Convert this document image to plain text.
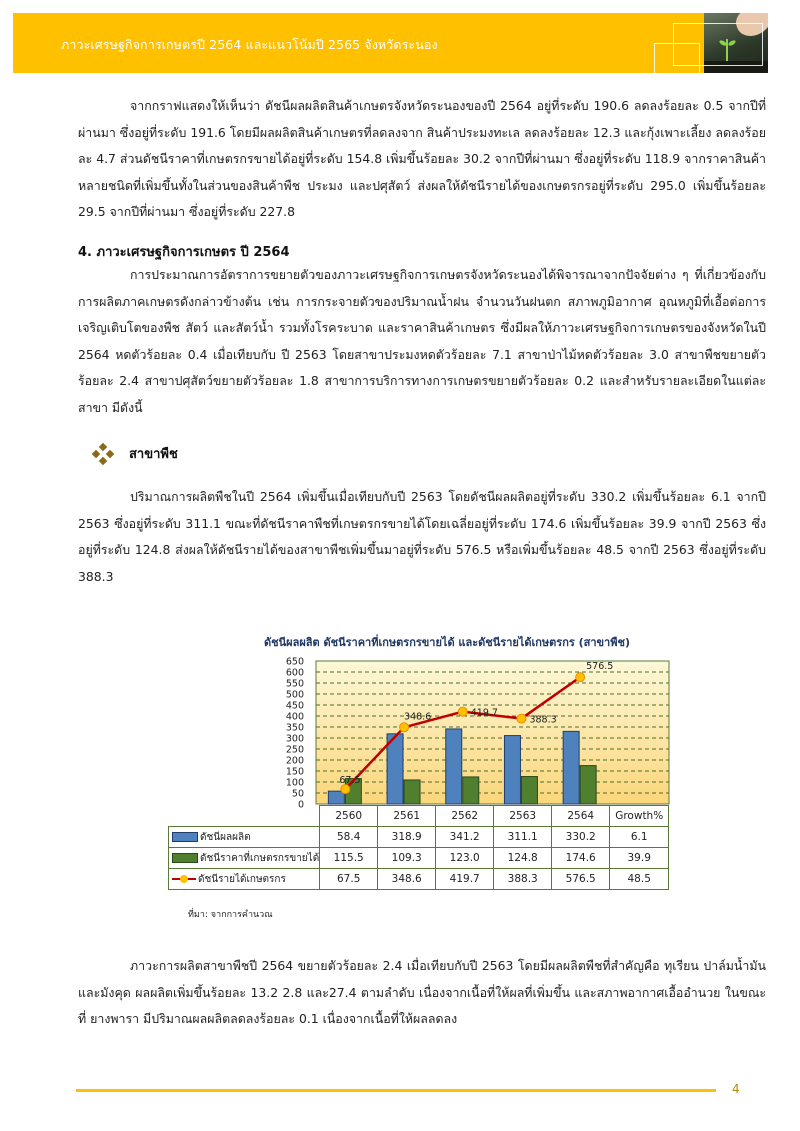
ภาวะเศรษฐกิจการเกษตรปี 2564 และแนวโน้มปี 2565 จังหวัดระนอง
จากกราฟแสดงให้เห็นว่า ดัชนีผลผลิตสินค้าเกษตรจังหวัดระนองของปี 2564 อยู่ที่ระดับ 190.6 ลดลงร้อยละ 0.5 จากปีที่ผ่านมา ซึ่งอยู่ที่ระดับ 191.6 โดยมีผลผลิตสินค้าเกษตรที่ลดลงจาก สินค้าประมงทะเล ลดลงร้อยละ 12.3 และกุ้งเพาะเลี้ยง ลดลงร้อยละ 4.7 ส่วนดัชนีราคาที่เกษตรกรขายได้อยู่ที่ระดับ 154.8 เพิ่มขึ้นร้อยละ 30.2 จากปีที่ผ่านมา ซึ่งอยู่ที่ระดับ 118.9 จากราคาสินค้าหลายชนิดที่เพิ่มขึ้นทั้งในส่วนของสินค้าพืช ประมง และปศุสัตว์ ส่งผลให้ดัชนีรายได้ของเกษตรกรอยู่ที่ระดับ 295.0 เพิ่มขึ้นร้อยละ 29.5 จากปีที่ผ่านมา ซึ่งอยู่ที่ระดับ 227.8
4. ภาวะเศรษฐกิจการเกษตร ปี 2564
การประมาณการอัตราการขยายตัวของภาวะเศรษฐกิจการเกษตรจังหวัดระนองได้พิจารณาจากปัจจัยต่าง ๆ ที่เกี่ยวข้องกับการผลิตภาคเกษตรดังกล่าวข้างต้น เช่น การกระจายตัวของปริมาณน้ำฝน จำนวนวันฝนตก สภาพภูมิอากาศ อุณหภูมิที่เอื้อต่อการเจริญเติบโตของพืช สัตว์ และสัตว์น้ำ รวมทั้งโรคระบาด และราคาสินค้าเกษตร ซึ่งมีผลให้ภาวะเศรษฐกิจการเกษตรของจังหวัดในปี 2564 หดตัวร้อยละ 0.4 เมื่อเทียบกับ ปี 2563 โดยสาขาประมงหดตัวร้อยละ 7.1 สาขาป่าไม้หดตัวร้อยละ 3.0 สาขาพืชขยายตัวร้อยละ 2.4 สาขาปศุสัตว์ขยายตัวร้อยละ 1.8 สาขาการบริการทางการเกษตรขยายตัวร้อยละ 0.2 และสำหรับรายละเอียดในแต่ละสาขา มีดังนี้
สาขาพืช
ปริมาณการผลิตพืชในปี 2564 เพิ่มขึ้นเมื่อเทียบกับปี 2563 โดยดัชนีผลผลิตอยู่ที่ระดับ 330.2 เพิ่มขึ้นร้อยละ 6.1 จากปี 2563 ซึ่งอยู่ที่ระดับ 311.1 ขณะที่ดัชนีราคาพืชที่เกษตรกรขายได้โดยเฉลี่ยอยู่ที่ระดับ 174.6 เพิ่มขึ้นร้อยละ 39.9 จากปี 2563 ซึ่งอยู่ที่ระดับ 124.8 ส่งผลให้ดัชนีรายได้ของสาขาพืชเพิ่มขึ้นมาอยู่ที่ระดับ 576.5 หรือเพิ่มขึ้นร้อยละ 48.5 จากปี 2563 ซึ่งอยู่ที่ระดับ 388.3
ดัชนีผลผลิต ดัชนีราคาที่เกษตรกรขายได้ และดัชนีรายได้เกษตรกร (สาขาพืช)
0
50
100
150
200
250
300
350
400
450
500
550
600
650
67.5
348.6	419.7
388.3
576.5
	2560	2561	2562	2563	2564	Growth%
ดัชนีผลผลิต	58.4	318.9	341.2	311.1	330.2	6.1
ดัชนีราคาที่เกษตรกรขายได้	115.5	109.3	123.0	124.8	174.6	39.9

ดัชนีรายได้เกษตรกร	67.5	348.6	419.7	388.3	576.5	48.5
ที่มา: จากการคำนวณ
ภาวะการผลิตสาขาพืชปี 2564 ขยายตัวร้อยละ 2.4 เมื่อเทียบกับปี 2563 โดยมีผลผลิตพืชที่สำคัญคือ ทุเรียน ปาล์มน้ำมัน และมังคุด ผลผลิตเพิ่มขึ้นร้อยละ 13.2 2.8 และ27.4 ตามลำดับ เนื่องจากเนื้อที่ให้ผลที่เพิ่มขึ้น และสภาพอากาศเอื้ออำนวย ในขณะที่ ยางพารา มีปริมาณผลผลิตลดลงร้อยละ 0.1 เนื่องจากเนื้อที่ให้ผลลดลง
4
